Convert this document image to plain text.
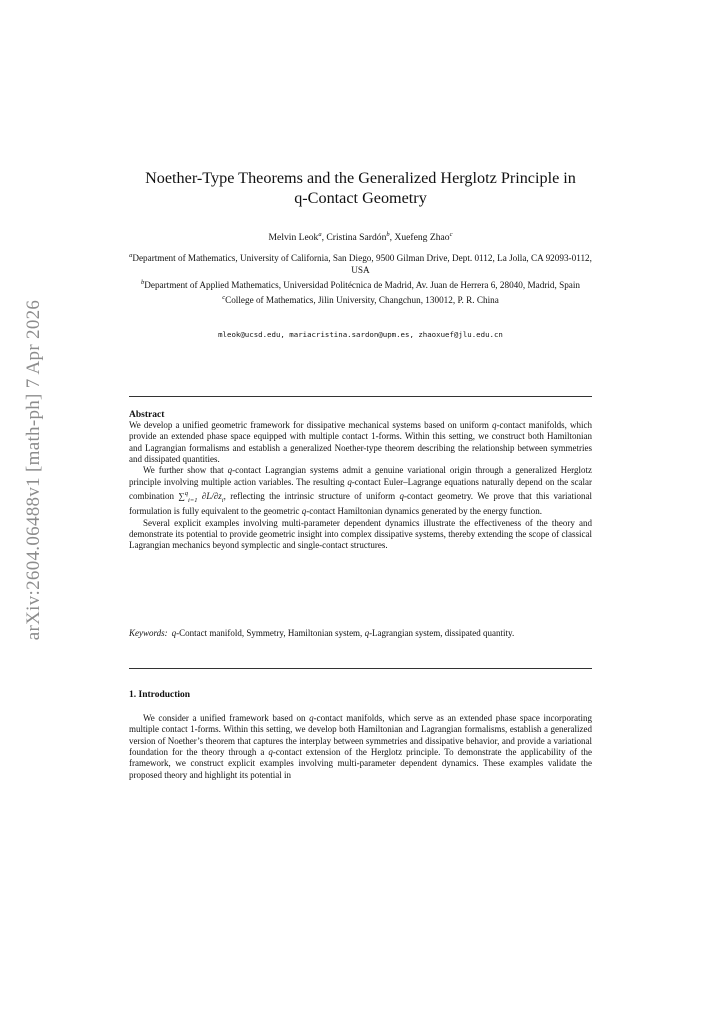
arXiv:2604.06488v1 [math-ph] 7 Apr 2026
Noether-Type Theorems and the Generalized Herglotz Principle in
q-Contact Geometry
Melvin Leok$^a$, Cristina Sardón$^b$, Xuefeng Zhao$^c$
$^a$Department of Mathematics, University of California, San Diego, 9500 Gilman Drive, Dept. 0112, La Jolla, CA 92093-0112, USA
$^b$Department of Applied Mathematics, Universidad Politécnica de Madrid, Av. Juan de Herrera 6, 28040, Madrid, Spain
$^c$College of Mathematics, Jilin University, Changchun, 130012, P. R. China
mleok@ucsd.edu, mariacristina.sardon@upm.es, zhaoxuef@jlu.edu.cn
Abstract

We develop a unified geometric framework for dissipative mechanical systems based on uniform q-contact manifolds, which provide an extended phase space equipped with multiple contact 1-forms. Within this setting, we construct both Hamiltonian and Lagrangian formalisms and establish a generalized Noether-type theorem describing the relationship between symmetries and dissipated quantities.

We further show that q-contact Lagrangian systems admit a genuine variational origin through a generalized Herglotz principle involving multiple action variables. The resulting q-contact Euler–Lagrange equations naturally depend on the scalar combination ∑$^q_{i=1}$ $\partial L/\partial z_i$, reflecting the intrinsic structure of uniform q-contact geometry. We prove that this variational formulation is fully equivalent to the geometric q-contact Hamiltonian dynamics generated by the energy function.

Several explicit examples involving multi-parameter dependent dynamics illustrate the effectiveness of the theory and demonstrate its potential to provide geometric insight into complex dissipative systems, thereby extending the scope of classical Lagrangian mechanics beyond symplectic and single-contact structures.

Keywords: q-Contact manifold, Symmetry, Hamiltonian system, q-Lagrangian system, dissipated quantity.
1. Introduction

We consider a unified framework based on q-contact manifolds, which serve as an extended phase space incorporating multiple contact 1-forms. Within this setting, we develop both Hamiltonian and Lagrangian formalisms, establish a generalized version of Noether’s theorem that captures the interplay between symmetries and dissipative behavior, and provide a variational foundation for the theory through a q-contact extension of the Herglotz principle. To demonstrate the applicability of the framework, we construct explicit examples involving multi-parameter dependent dynamics. These examples validate the proposed theory and highlight its potential in
